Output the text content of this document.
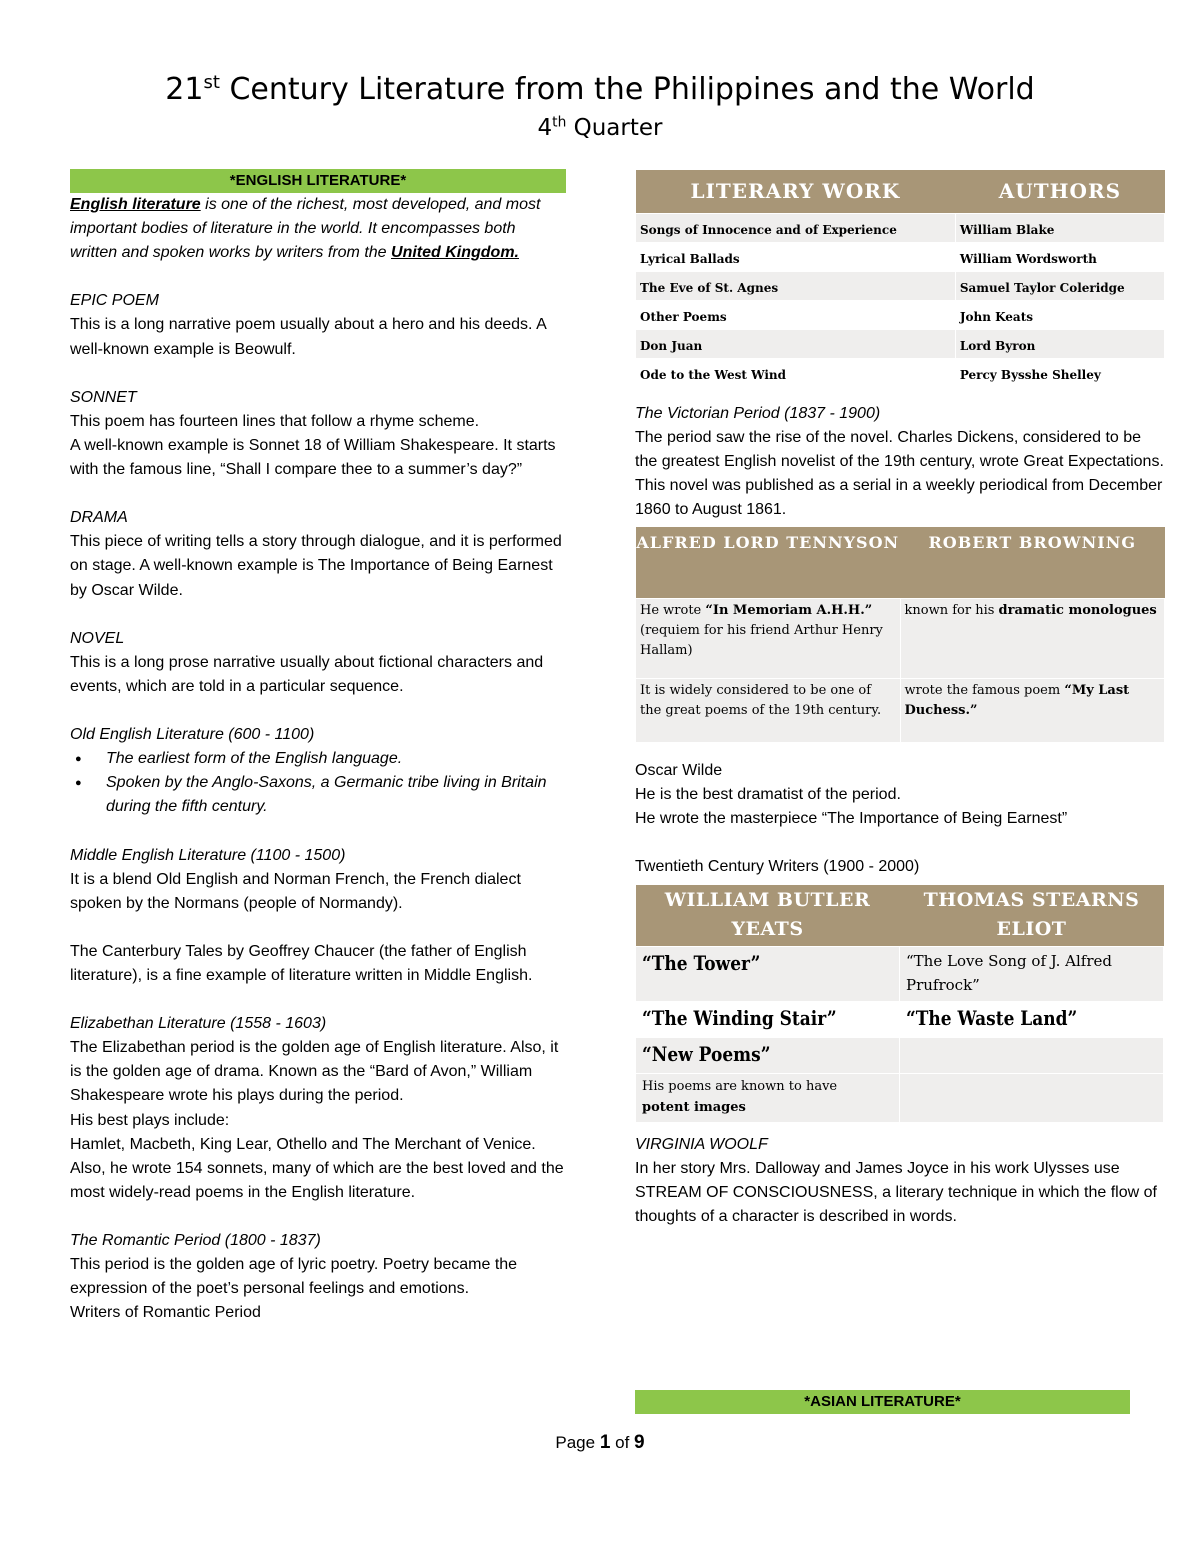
21st Century Literature from the Philippines and the World
4th Quarter
*ENGLISH LITERATURE*

English literature is one of the richest, most developed, and most important bodies of literature in the world. It encompasses both written and spoken works by writers from the United Kingdom.

EPIC POEM

This is a long narrative poem usually about a hero and his deeds. A well-known example is Beowulf.

SONNET

This poem has fourteen lines that follow a rhyme scheme.

A well-known example is Sonnet 18 of William Shakespeare. It starts with the famous line, “Shall I compare thee to a summer’s day?”

DRAMA

This piece of writing tells a story through dialogue, and it is performed on stage. A well-known example is The Importance of Being Earnest by Oscar Wilde.

NOVEL

This is a long prose narrative usually about fictional characters and events, which are told in a particular sequence.

Old English Literature (600 - 1100)

● The earliest form of the English language.
● Spoken by the Anglo-Saxons, a Germanic tribe living in Britain during the fifth century.

Middle English Literature (1100 - 1500)

It is a blend Old English and Norman French, the French dialect spoken by the Normans (people of Normandy).

The Canterbury Tales by Geoffrey Chaucer (the father of English literature), is a fine example of literature written in Middle English.

Elizabethan Literature (1558 - 1603)

The Elizabethan period is the golden age of English literature. Also, it is the golden age of drama. Known as the “Bard of Avon,” William Shakespeare wrote his plays during the period.

His best plays include:

Hamlet, Macbeth, King Lear, Othello and The Merchant of Venice.

Also, he wrote 154 sonnets, many of which are the best loved and the most widely-read poems in the English literature.

The Romantic Period (1800 - 1837)

This period is the golden age of lyric poetry. Poetry became the expression of the poet’s personal feelings and emotions.

Writers of Romantic Period

LITERARY WORK	AUTHORS
Songs of Innocence and of Experience	William Blake
Lyrical Ballads	William Wordsworth
The Eve of St. Agnes	Samuel Taylor Coleridge
Other Poems	John Keats
Don Juan	Lord Byron
Ode to the West Wind	Percy Bysshe Shelley

The Victorian Period (1837 - 1900)

The period saw the rise of the novel. Charles Dickens, considered to be the greatest English novelist of the 19th century, wrote Great Expectations. This novel was published as a serial in a weekly periodical from December 1860 to August 1861.

ALFRED LORD TENNYSON	ROBERT BROWNING
He wrote “In Memoriam A.H.H.” (requiem for his friend Arthur Henry Hallam)	known for his dramatic monologues
It is widely considered to be one of the great poems of the 19th century.	wrote the famous poem “My Last Duchess.”

Oscar Wilde

He is the best dramatist of the period.

He wrote the masterpiece “The Importance of Being Earnest”

Twentieth Century Writers (1900 - 2000)

WILLIAM BUTLER YEATS	THOMAS STEARNS ELIOT
“The Tower”	“The Love Song of J. Alfred Prufrock”
“The Winding Stair”	“The Waste Land”
“New Poems”	
His poems are known to have
potent images	

VIRGINIA WOOLF

In her story Mrs. Dalloway and James Joyce in his work Ulysses use STREAM OF CONSCIOUSNESS, a literary technique in which the flow of thoughts of a character is described in words.

*ASIAN LITERATURE*
Page 1 of 9
